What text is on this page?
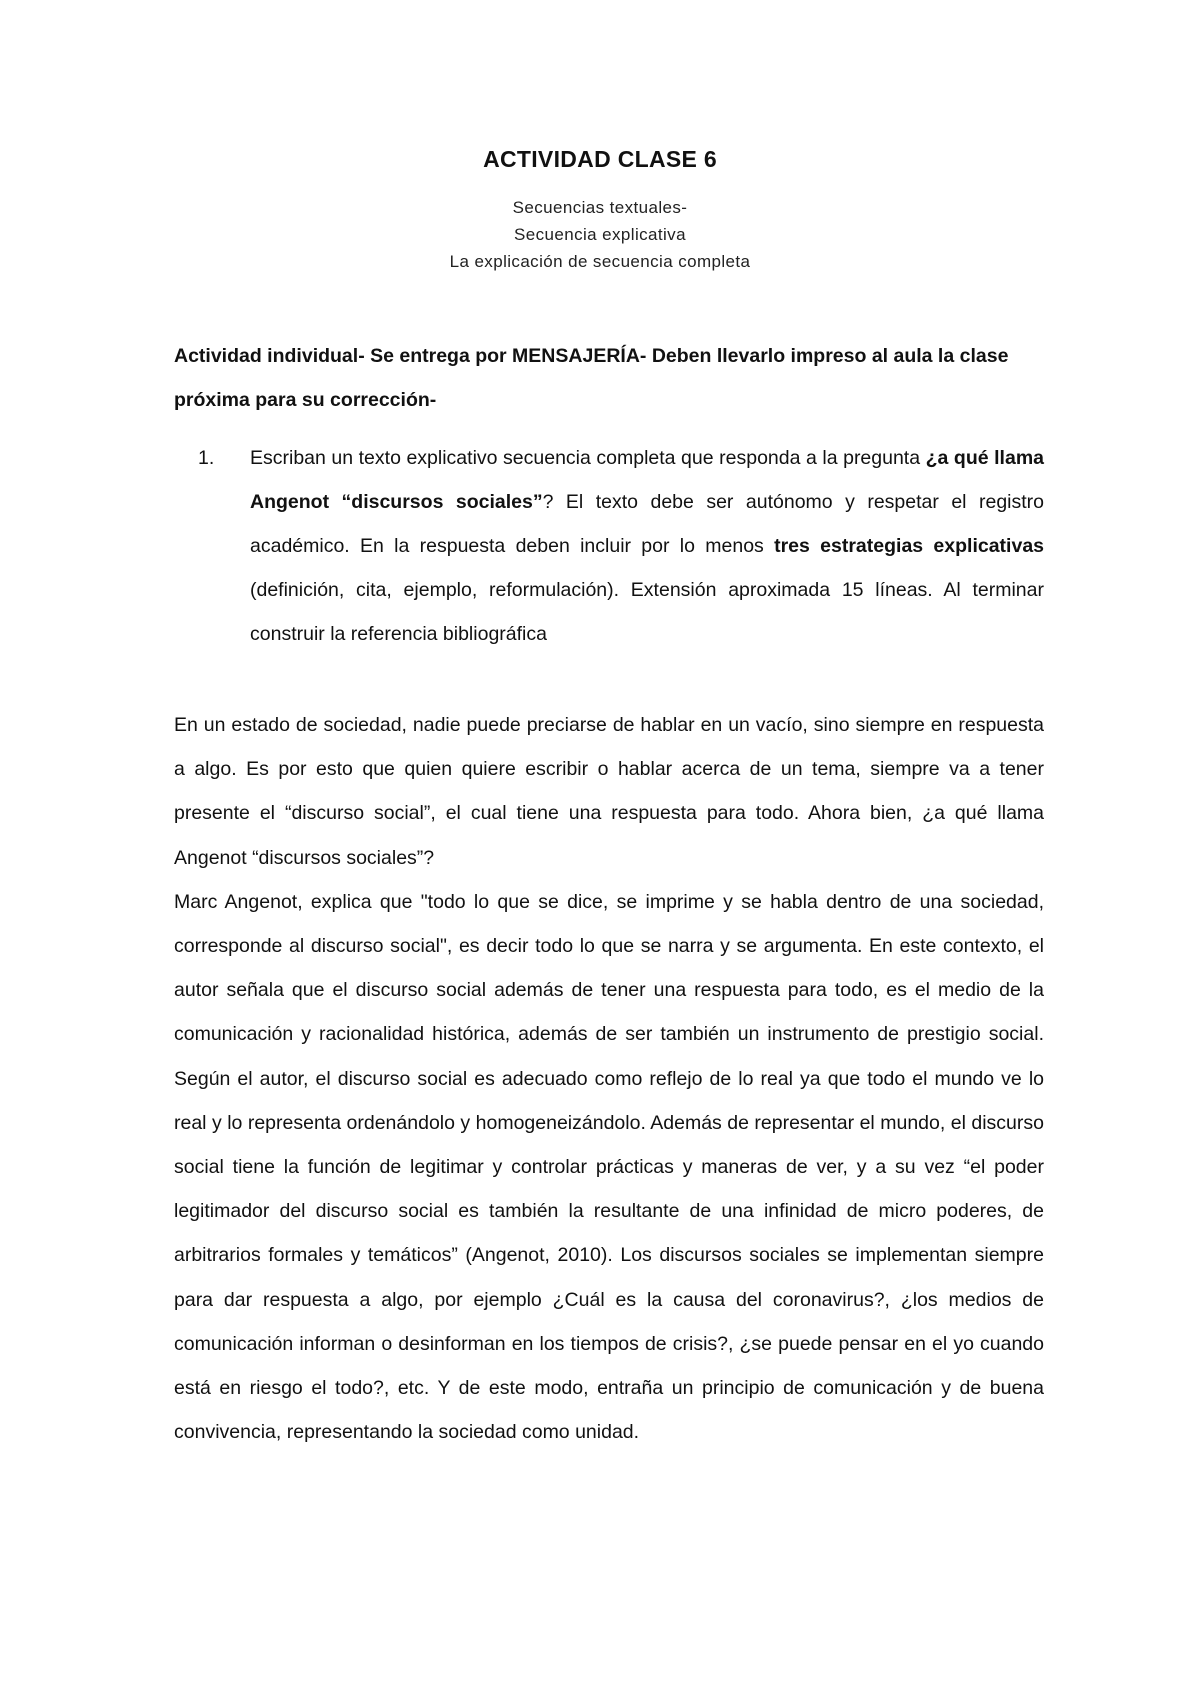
ACTIVIDAD CLASE 6
Secuencias textuales-
Secuencia explicativa
La explicación de secuencia completa
Actividad individual- Se entrega por MENSAJERÍA- Deben llevarlo impreso al aula la clase próxima para su corrección-
1. Escriban un texto explicativo secuencia completa que responda a la pregunta ¿a qué llama Angenot “discursos sociales”? El texto debe ser autónomo y respetar el registro académico. En la respuesta deben incluir por lo menos tres estrategias explicativas (definición, cita, ejemplo, reformulación). Extensión aproximada 15 líneas. Al terminar construir la referencia bibliográfica

En un estado de sociedad, nadie puede preciarse de hablar en un vacío, sino siempre en respuesta a algo. Es por esto que quien quiere escribir o hablar acerca de un tema, siempre va a tener presente el “discurso social”, el cual tiene una respuesta para todo. Ahora bien, ¿a qué llama Angenot “discursos sociales”?

Marc Angenot, explica que "todo lo que se dice, se imprime y se habla dentro de una sociedad, corresponde al discurso social", es decir todo lo que se narra y se argumenta. En este contexto, el autor señala que el discurso social además de tener una respuesta para todo, es el medio de la comunicación y racionalidad histórica, además de ser también un instrumento de prestigio social. Según el autor, el discurso social es adecuado como reflejo de lo real ya que todo el mundo ve lo real y lo representa ordenándolo y homogeneizándolo. Además de representar el mundo, el discurso social tiene la función de legitimar y controlar prácticas y maneras de ver, y a su vez “el poder legitimador del discurso social es también la resultante de una infinidad de micro poderes, de arbitrarios formales y temáticos” (Angenot, 2010). Los discursos sociales se implementan siempre para dar respuesta a algo, por ejemplo ¿Cuál es la causa del coronavirus?, ¿los medios de comunicación informan o desinforman en los tiempos de crisis?, ¿se puede pensar en el yo cuando está en riesgo el todo?, etc. Y de este modo, entraña un principio de comunicación y de buena convivencia, representando la sociedad como unidad.
